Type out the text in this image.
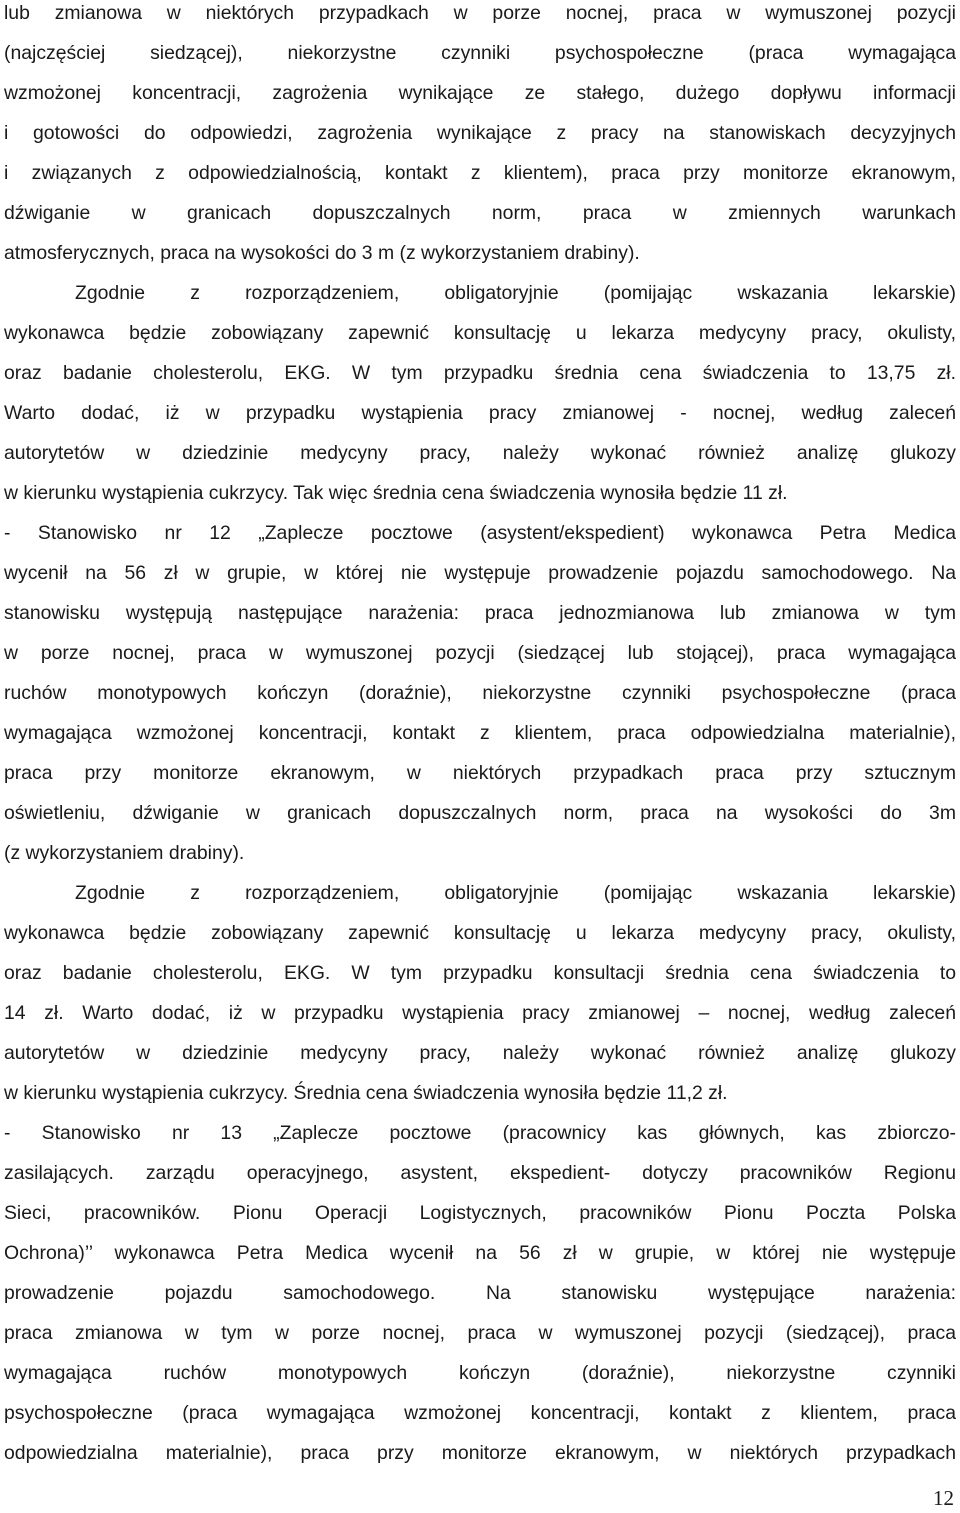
lub zmianowa w niektórych przypadkach w porze nocnej, praca w wymuszonej pozycji
(najczęściej siedzącej), niekorzystne czynniki psychospołeczne (praca wymagająca
wzmożonej koncentracji, zagrożenia wynikające ze stałego, dużego dopływu informacji
i gotowości do odpowiedzi, zagrożenia wynikające z pracy na stanowiskach decyzyjnych
i związanych z odpowiedzialnością, kontakt z klientem), praca przy monitorze ekranowym,
dźwiganie w granicach dopuszczalnych norm, praca w zmiennych warunkach
atmosferycznych, praca na wysokości do 3 m (z wykorzystaniem drabiny).
Zgodnie z rozporządzeniem, obligatoryjnie (pomijając wskazania lekarskie)
wykonawca będzie zobowiązany zapewnić konsultację u lekarza medycyny pracy, okulisty,
oraz badanie cholesterolu, EKG. W tym przypadku średnia cena świadczenia to 13,75 zł.
Warto dodać, iż w przypadku wystąpienia pracy zmianowej - nocnej, według zaleceń
autorytetów w dziedzinie medycyny pracy, należy wykonać również analizę glukozy
w kierunku wystąpienia cukrzycy. Tak więc średnia cena świadczenia wynosiła będzie 11 zł.
- Stanowisko nr 12 „Zaplecze pocztowe (asystent/ekspedient) wykonawca Petra Medica
wycenił na 56 zł w grupie, w której nie występuje prowadzenie pojazdu samochodowego. Na
stanowisku występują następujące narażenia: praca jednozmianowa lub zmianowa w tym
w porze nocnej, praca w wymuszonej pozycji (siedzącej lub stojącej), praca wymagająca
ruchów monotypowych kończyn (doraźnie), niekorzystne czynniki psychospołeczne (praca
wymagająca wzmożonej koncentracji, kontakt z klientem, praca odpowiedzialna materialnie),
praca przy monitorze ekranowym, w niektórych przypadkach praca przy sztucznym
oświetleniu, dźwiganie w granicach dopuszczalnych norm, praca na wysokości do 3m
(z wykorzystaniem drabiny).
Zgodnie z rozporządzeniem, obligatoryjnie (pomijając wskazania lekarskie)
wykonawca będzie zobowiązany zapewnić konsultację u lekarza medycyny pracy, okulisty,
oraz badanie cholesterolu, EKG. W tym przypadku konsultacji średnia cena świadczenia to
14 zł. Warto dodać, iż w przypadku wystąpienia pracy zmianowej – nocnej, według zaleceń
autorytetów w dziedzinie medycyny pracy, należy wykonać również analizę glukozy
w kierunku wystąpienia cukrzycy. Średnia cena świadczenia wynosiła będzie 11,2 zł.
- Stanowisko nr 13 „Zaplecze pocztowe (pracownicy kas głównych, kas zbiorczo-
zasilających. zarządu operacyjnego, asystent, ekspedient- dotyczy pracowników Regionu
Sieci, pracowników. Pionu Operacji Logistycznych, pracowników Pionu Poczta Polska
Ochrona)’’ wykonawca Petra Medica wycenił na 56 zł w grupie, w której nie występuje
prowadzenie pojazdu samochodowego. Na stanowisku występujące narażenia:
praca zmianowa w tym w porze nocnej, praca w wymuszonej pozycji (siedzącej), praca
wymagająca ruchów monotypowych kończyn (doraźnie), niekorzystne czynniki
psychospołeczne (praca wymagająca wzmożonej koncentracji, kontakt z klientem, praca
odpowiedzialna materialnie), praca przy monitorze ekranowym, w niektórych przypadkach
12
